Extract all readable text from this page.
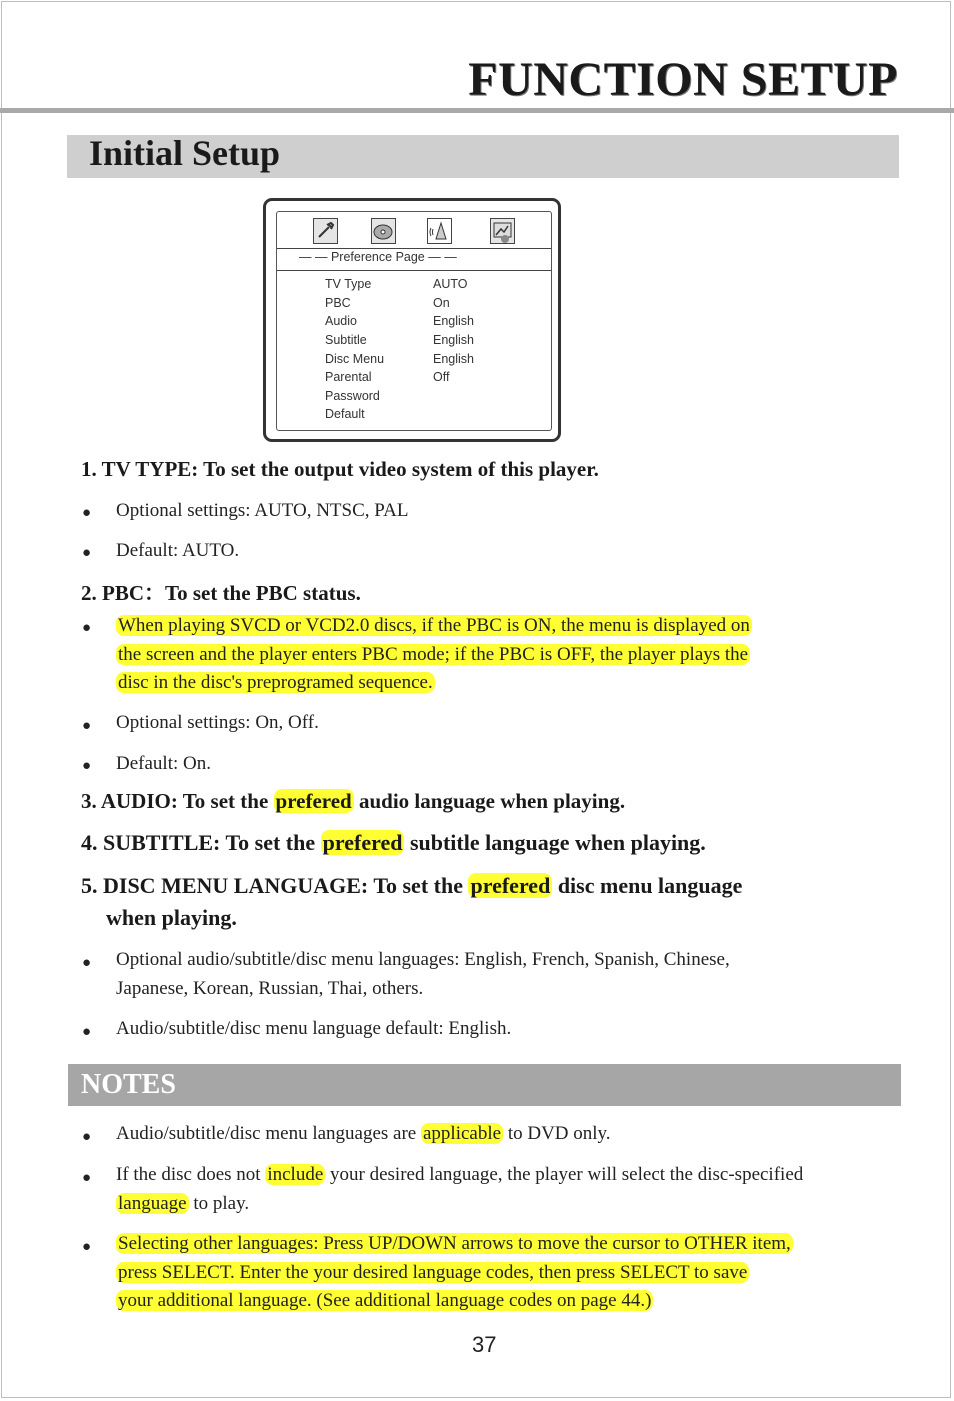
FUNCTION SETUP
Initial Setup
— — Preference Page — —
TV Type	AUTO
PBC	On
Audio	English
Subtitle	English
Disc Menu	English
Parental	Off
Password
Default
1. TV TYPE: To set the output video system of this player.
● Optional settings: AUTO, NTSC, PAL
● Default: AUTO.
2. PBC：To set the PBC status.
● When playing SVCD or VCD2.0 discs, if the PBC is ON, the menu is displayed on
the screen and the player enters PBC mode; if the PBC is OFF, the player plays the
disc in the disc's preprogramed sequence.
● Optional settings: On, Off.
● Default: On.
3. AUDIO: To set the prefered audio language when playing.
4. SUBTITLE: To set the prefered subtitle language when playing.
5. DISC MENU LANGUAGE: To set the prefered disc menu language
when playing.
● Optional audio/subtitle/disc menu languages: English, French, Spanish, Chinese,
Japanese, Korean, Russian, Thai, others.
● Audio/subtitle/disc menu language default: English.
NOTES
● Audio/subtitle/disc menu languages are applicable to DVD only.
● If the disc does not include your desired language, the player will select the disc-specified
language to play.
● Selecting other languages: Press UP/DOWN arrows to move the cursor to OTHER item,
press SELECT. Enter the your desired language codes, then press SELECT to save
your additional language. (See additional language codes on page 44.)
37
